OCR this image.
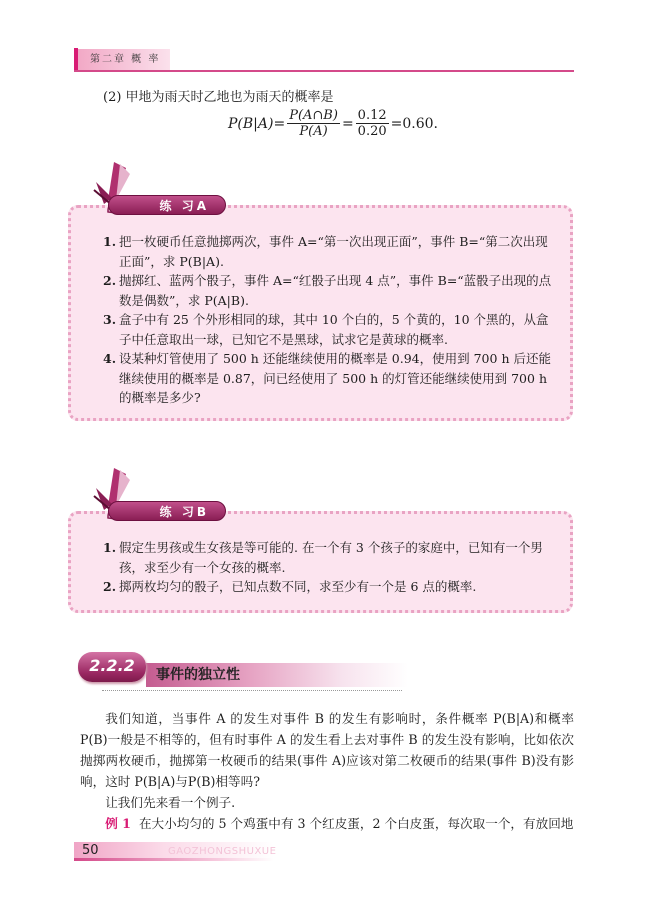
第二章 概 率
(2) 甲地为雨天时乙地也为雨天的概率是
$P(B|A) = \frac{P(A\cap B)}{P(A)} = \frac{0.12}{0.20} =0.60$.
练 习A
1. 把一枚硬币任意抛掷两次，事件 A=“第一次出现正面”，事件 B=“第二次出现正面”，求 P(B|A).
2. 抛掷红、蓝两个骰子，事件 A=“红骰子出现 4 点”，事件 B=“蓝骰子出现的点数是偶数”，求 P(A|B).
3. 盒子中有 25 个外形相同的球，其中 10 个白的，5 个黄的，10 个黑的，从盒子中任意取出一球，已知它不是黑球，试求它是黄球的概率.
4. 设某种灯管使用了 500 h 还能继续使用的概率是 0.94，使用到 700 h 后还能继续使用的概率是 0.87，问已经使用了 500 h 的灯管还能继续使用到 700 h 的概率是多少?
练 习B
1. 假定生男孩或生女孩是等可能的. 在一个有 3 个孩子的家庭中，已知有一个男孩，求至少有一个女孩的概率.
2. 掷两枚均匀的骰子，已知点数不同，求至少有一个是 6 点的概率.
2.2.2	事件的独立性

我们知道，当事件 A 的发生对事件 B 的发生有影响时，条件概率 P(B|A)和概率 P(B)一般是不相等的，但有时事件 A 的发生看上去对事件 B 的发生没有影响，比如依次抛掷两枚硬币，抛掷第一枚硬币的结果(事件 A)应该对第二枚硬币的结果(事件 B)没有影响，这时 P(B|A)与P(B)相等吗?

让我们先来看一个例子.

例 1 在大小均匀的 5 个鸡蛋中有 3 个红皮蛋，2 个白皮蛋，每次取一个，有放回地

50	GAOZHONGSHUXUE
